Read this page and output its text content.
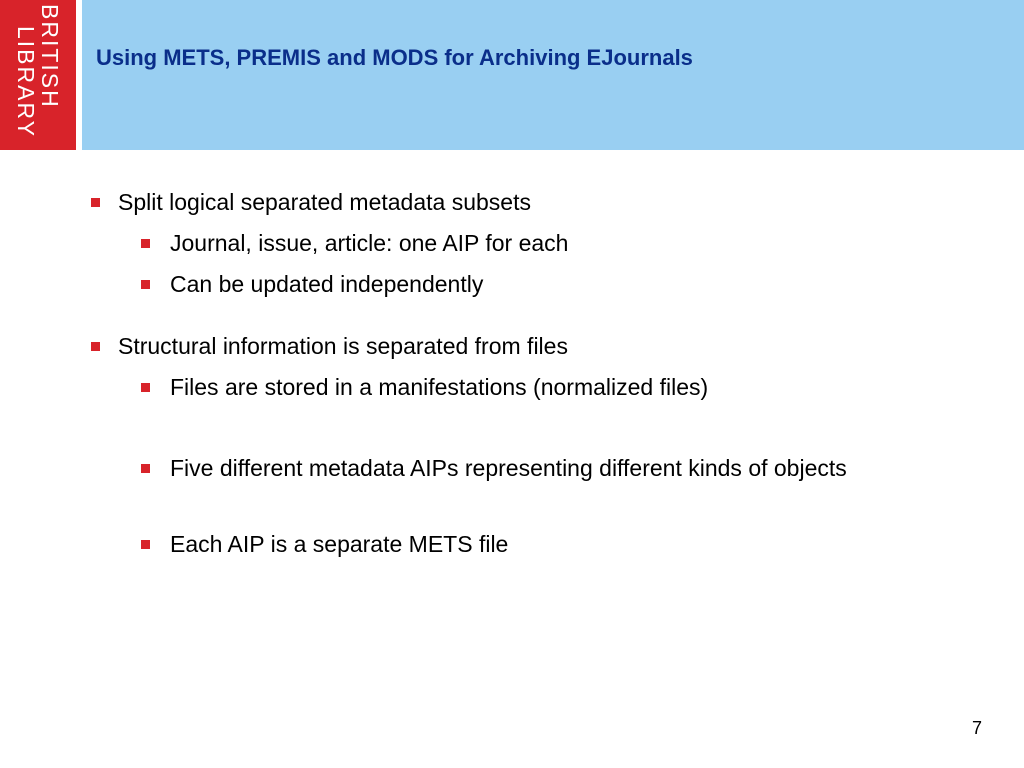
BRITISH
LIBRARY	Using METS, PREMIS and MODS for Archiving EJournals
Split logical separated metadata subsets
Journal, issue, article: one AIP for each
Can be updated independently
Structural information is separated from files
Files are stored in a manifestations (normalized files)
Five different metadata AIPs representing different kinds of objects
Each AIP is a separate METS file
7
